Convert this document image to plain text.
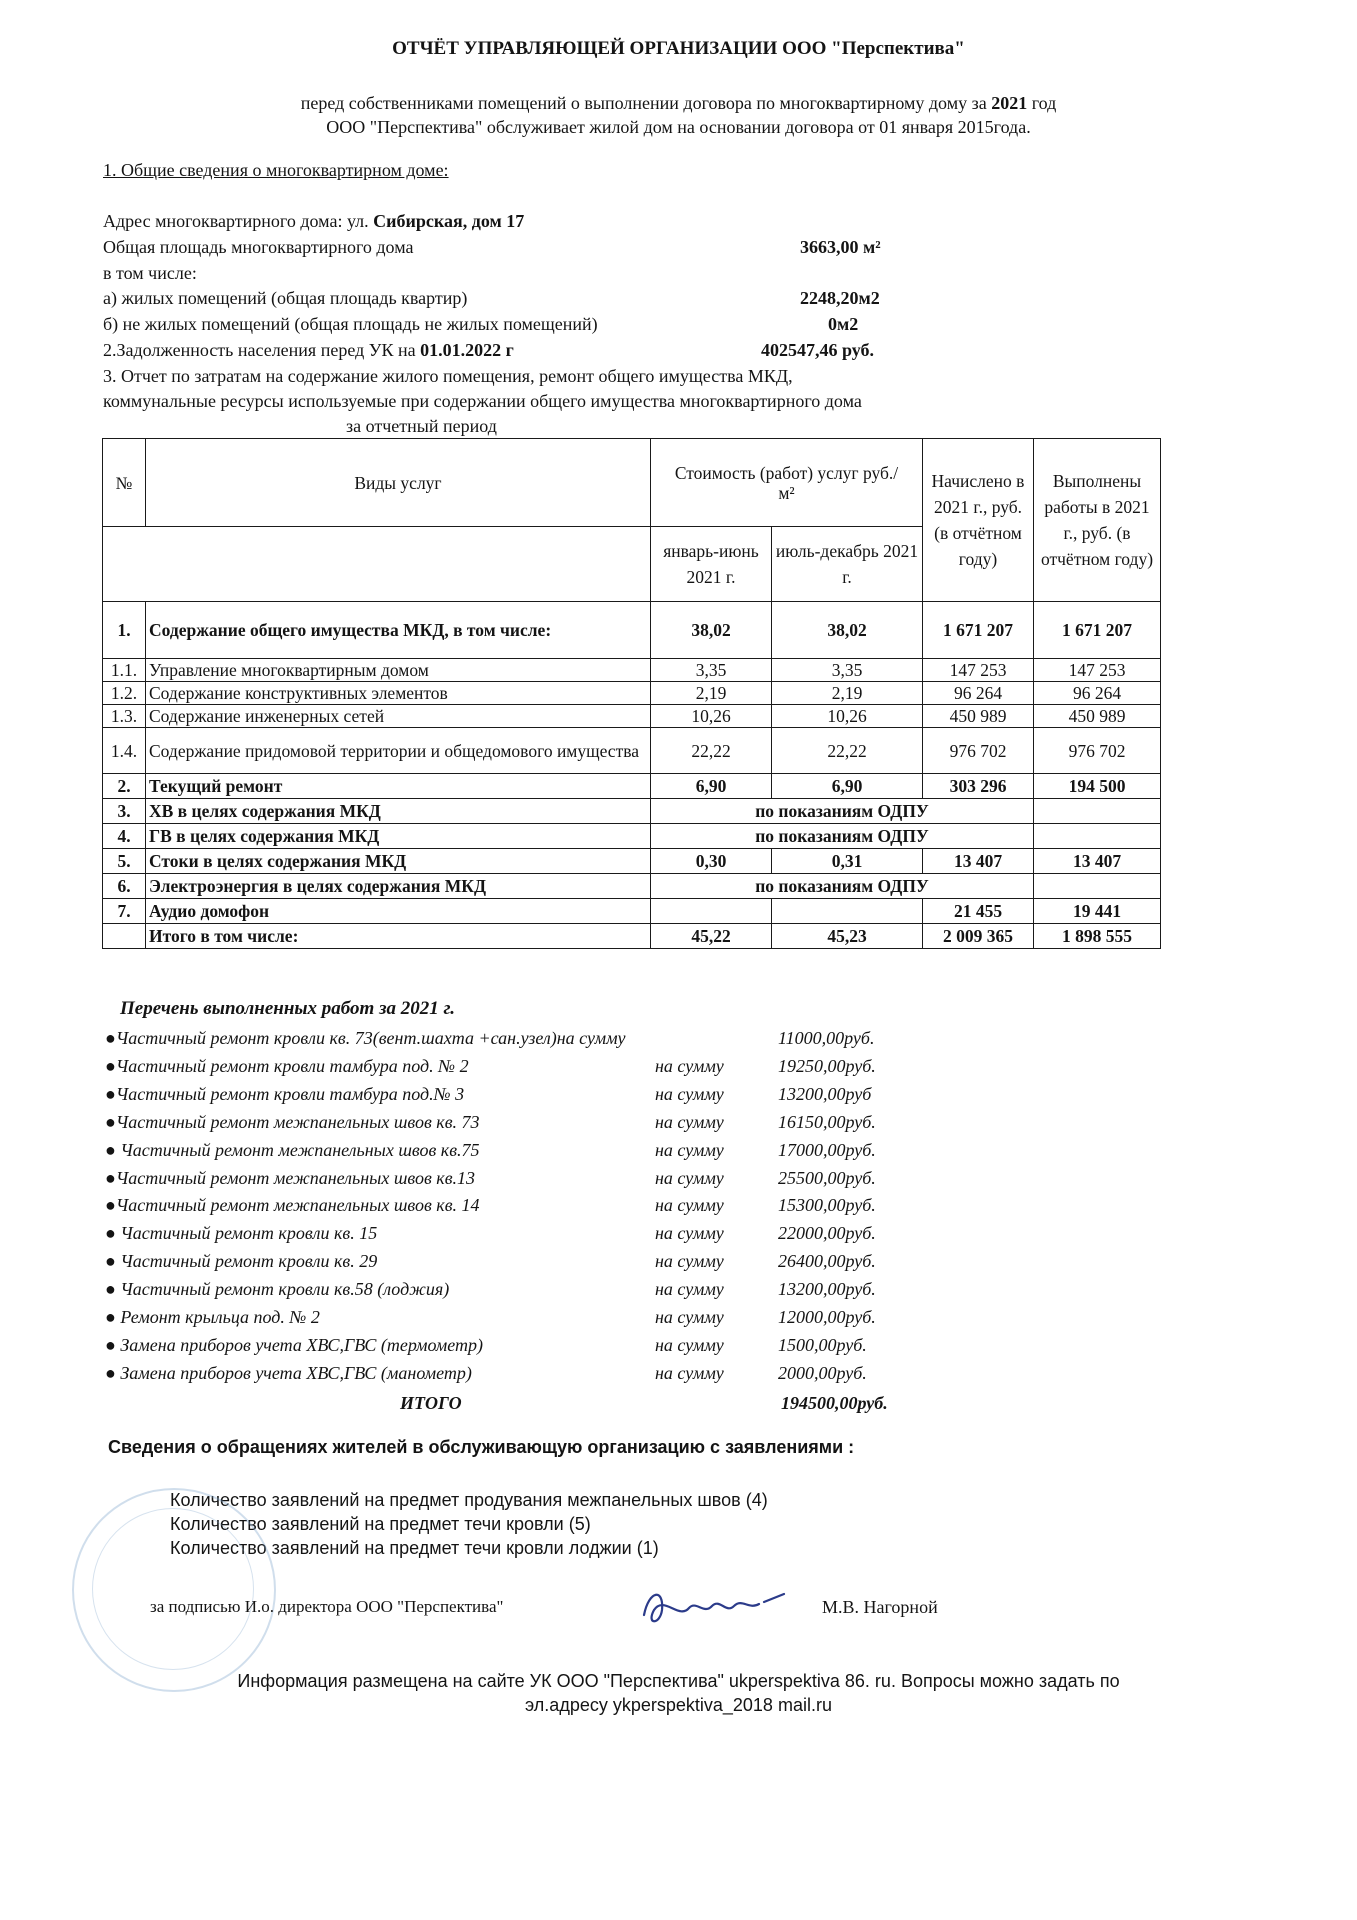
ОТЧЁТ УПРАВЛЯЮЩЕЙ ОРГАНИЗАЦИИ ООО "Перспектива"
перед собственниками помещений о выполнении договора по многоквартирному дому за 2021 год
ООО "Перспектива" обслуживает жилой дом на основании договора от 01 января 2015года.
1. Общие сведения о многоквартирном доме:
Адрес многоквартирного дома: ул. Сибирская, дом 17
Общая площадь многоквартирного дома	3663,00 м²
в том числе:
а) жилых помещений (общая площадь квартир)	2248,20м2
б) не жилых помещений (общая площадь не жилых помещений)	0м2
2.Задолженность населения перед УК на 01.01.2022 г	402547,46 руб.
3. Отчет по затратам на содержание жилого помещения, ремонт общего имущества МКД,
коммунальные ресурсы используемые при содержании общего имущества многоквартирного дома
за отчетный период
№	Виды услуг	Стоимость (работ) услуг руб./м²		Начислено в 2021 г., руб. (в отчётном году)	Выполнены работы в 2021 г., руб. (в отчётном году)
		январь-июнь 2021 г.	июль-декабрь 2021 г.		
1.	Содержание общего имущества МКД, в том числе:	38,02	38,02	1 671 207	1 671 207
1.1.	Управление многоквартирным домом	3,35	3,35	147 253	147 253
1.2.	Содержание конструктивных элементов	2,19	2,19	96 264	96 264
1.3.	Содержание инженерных сетей	10,26	10,26	450 989	450 989
1.4.	Содержание придомовой территории и общедомового имущества	22,22	22,22	976 702	976 702
2.	Текущий ремонт	6,90	6,90	303 296	194 500
3.	ХВ в целях содержания МКД	по показаниям ОДПУ			
4.	ГВ в целях содержания МКД	по показаниям ОДПУ			
5.	Стоки в целях содержания МКД	0,30	0,31	13 407	13 407
6.	Электроэнергия в целях содержания МКД	по показаниям ОДПУ			
7.	Аудио домофон			21 455	19 441
	Итого в том числе:	45,22	45,23	2 009 365	1 898 555
Перечень выполненных работ за 2021 г.
●Частичный ремонт кровли кв. 73(вент.шахта +сан.узел)на сумму	11000,00руб.
●Частичный ремонт кровли тамбура под. № 2	на сумму	19250,00руб.
●Частичный ремонт кровли тамбура под.№ 3	на сумму	13200,00руб
●Частичный ремонт межпанельных швов кв. 73	на сумму	16150,00руб.
● Частичный ремонт межпанельных швов кв.75	на сумму	17000,00руб.
●Частичный ремонт межпанельных швов кв.13	на сумму	25500,00руб.
●Частичный ремонт межпанельных швов кв. 14	на сумму	15300,00руб.
● Частичный ремонт кровли кв. 15	на сумму	22000,00руб.
● Частичный ремонт кровли кв. 29	на сумму	26400,00руб.
● Частичный ремонт кровли кв.58 (лоджия)	на сумму	13200,00руб.
● Ремонт крыльца под. № 2	на сумму	12000,00руб.
● Замена приборов учета ХВС,ГВС (термометр)	на сумму	1500,00руб.
● Замена приборов учета ХВС,ГВС (манометр)	на сумму	2000,00руб.
ИТОГО	194500,00руб.
Сведения о обращениях жителей в обслуживающую организацию с заявлениями :
Количество заявлений на предмет продувания межпанельных швов (4)
Количество заявлений на предмет течи кровли (5)
Количество заявлений на предмет течи кровли лоджии (1)
за подписью И.о. директора ООО "Перспектива"	М.В. Нагорной
Информация размещена на сайте УК ООО "Перспектива" ukperspektiva 86. ru. Вопросы можно задать по
эл.адресу ykperspektiva_2018 mail.ru
